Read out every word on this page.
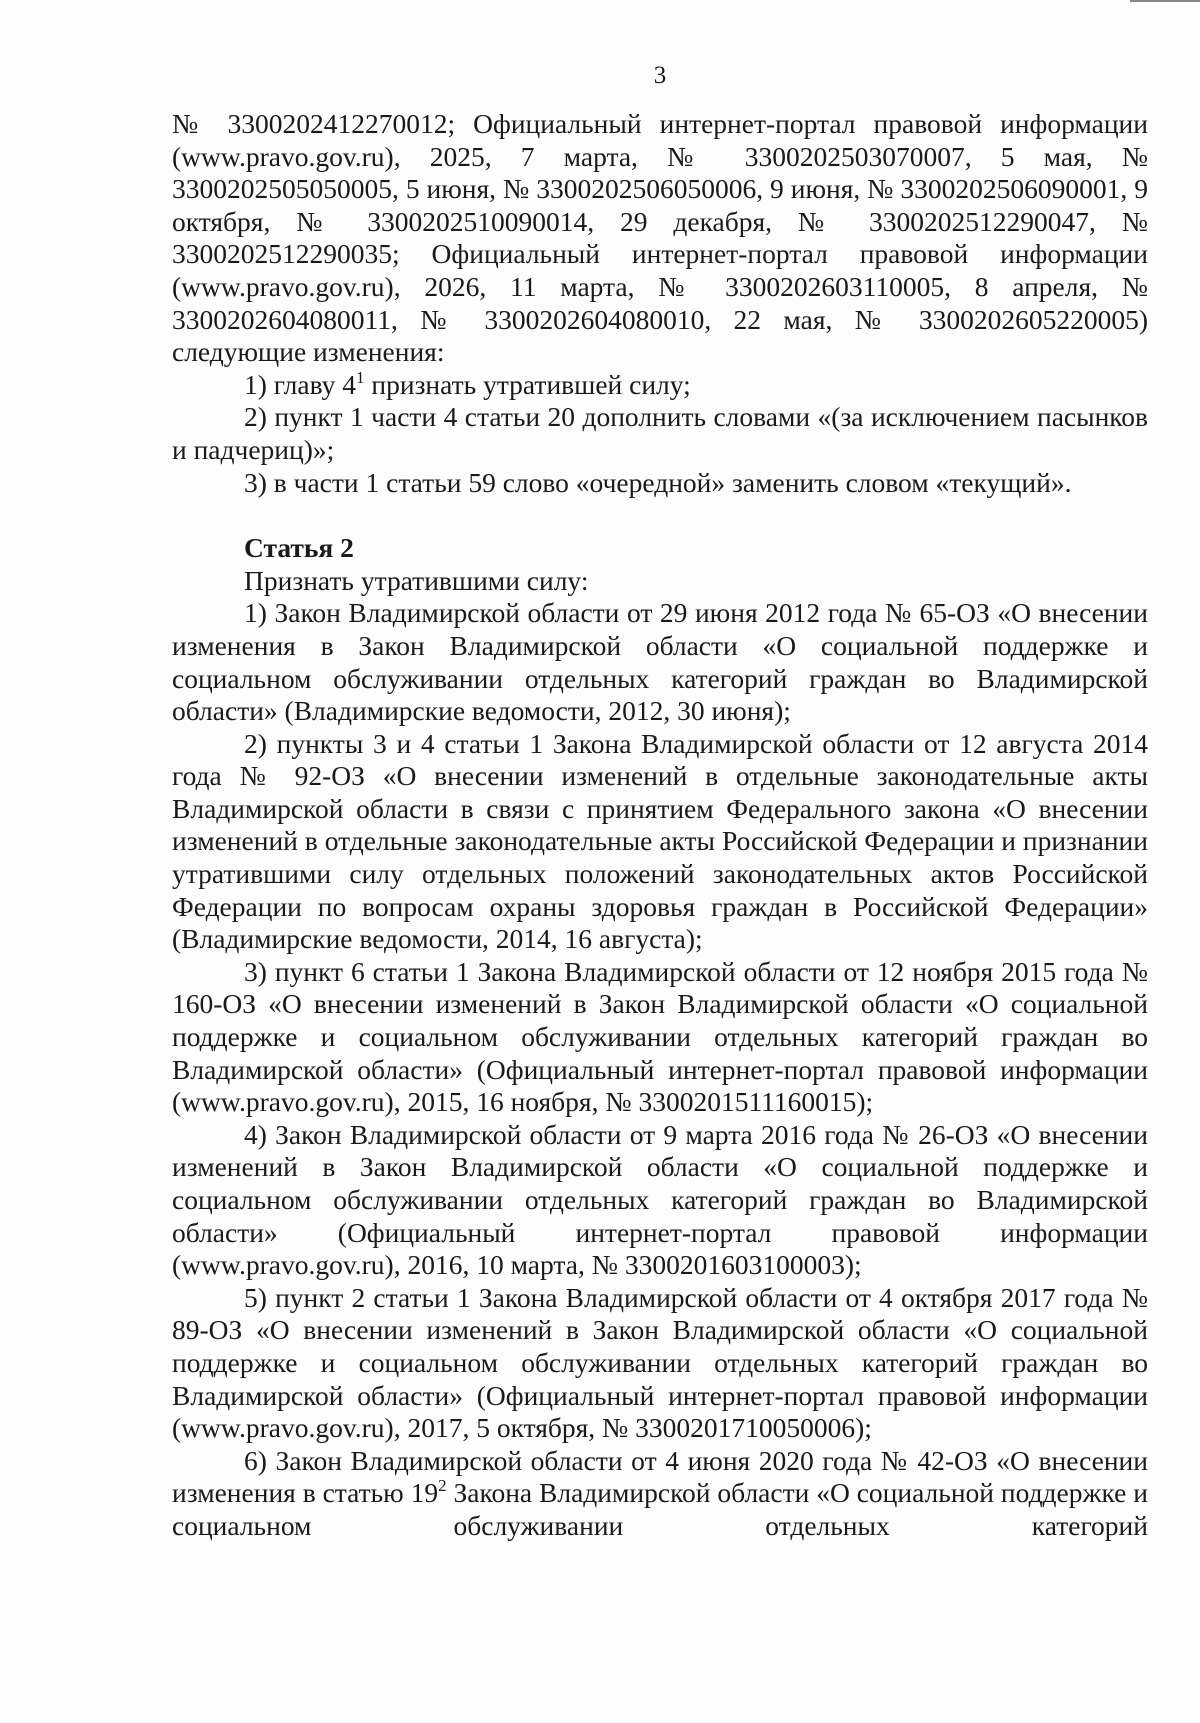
3

№ 3300202412270012; Официальный интернет-портал правовой информации (www.pravo.gov.ru), 2025, 7 марта, № 3300202503070007, 5 мая, № 3300202505050005, 5 июня, № 3300202506050006, 9 июня, № 3300202506090001, 9 октября, № 3300202510090014, 29 декабря, № 3300202512290047, № 3300202512290035; Официальный интернет-портал правовой информации (www.pravo.gov.ru), 2026, 11 марта, № 3300202603110005, 8 апреля, № 3300202604080011, № 3300202604080010, 22 мая, № 3300202605220005) следующие изменения:

1) главу $4^1$ признать утратившей силу;

2) пункт 1 части 4 статьи 20 дополнить словами «(за исключением пасынков и падчериц)»;

3) в части 1 статьи 59 слово «очередной» заменить словом «текущий».

Статья 2

Признать утратившими силу:

1) Закон Владимирской области от 29 июня 2012 года № 65-ОЗ «О внесении изменения в Закон Владимирской области «О социальной поддержке и социальном обслуживании отдельных категорий граждан во Владимирской области» (Владимирские ведомости, 2012, 30 июня);

2) пункты 3 и 4 статьи 1 Закона Владимирской области от 12 августа 2014 года № 92-ОЗ «О внесении изменений в отдельные законодательные акты Владимирской области в связи с принятием Федерального закона «О внесении изменений в отдельные законодательные акты Российской Федерации и признании утратившими силу отдельных положений законодательных актов Российской Федерации по вопросам охраны здоровья граждан в Российской Федерации» (Владимирские ведомости, 2014, 16 августа);

3) пункт 6 статьи 1 Закона Владимирской области от 12 ноября 2015 года № 160-ОЗ «О внесении изменений в Закон Владимирской области «О социальной поддержке и социальном обслуживании отдельных категорий граждан во Владимирской области» (Официальный интернет-портал правовой информации (www.pravo.gov.ru), 2015, 16 ноября, № 3300201511160015);

4) Закон Владимирской области от 9 марта 2016 года № 26-ОЗ «О внесении изменений в Закон Владимирской области «О социальной поддержке и социальном обслуживании отдельных категорий граждан во Владимирской области» (Официальный интернет-портал правовой информации (www.pravo.gov.ru), 2016, 10 марта, № 3300201603100003);

5) пункт 2 статьи 1 Закона Владимирской области от 4 октября 2017 года № 89-ОЗ «О внесении изменений в Закон Владимирской области «О социальной поддержке и социальном обслуживании отдельных категорий граждан во Владимирской области» (Официальный интернет-портал правовой информации (www.pravo.gov.ru), 2017, 5 октября, № 3300201710050006);

6) Закон Владимирской области от 4 июня 2020 года № 42-ОЗ «О внесении изменения в статью $19^2$ Закона Владимирской области «О социальной поддержке и социальном обслуживании отдельных категорий
